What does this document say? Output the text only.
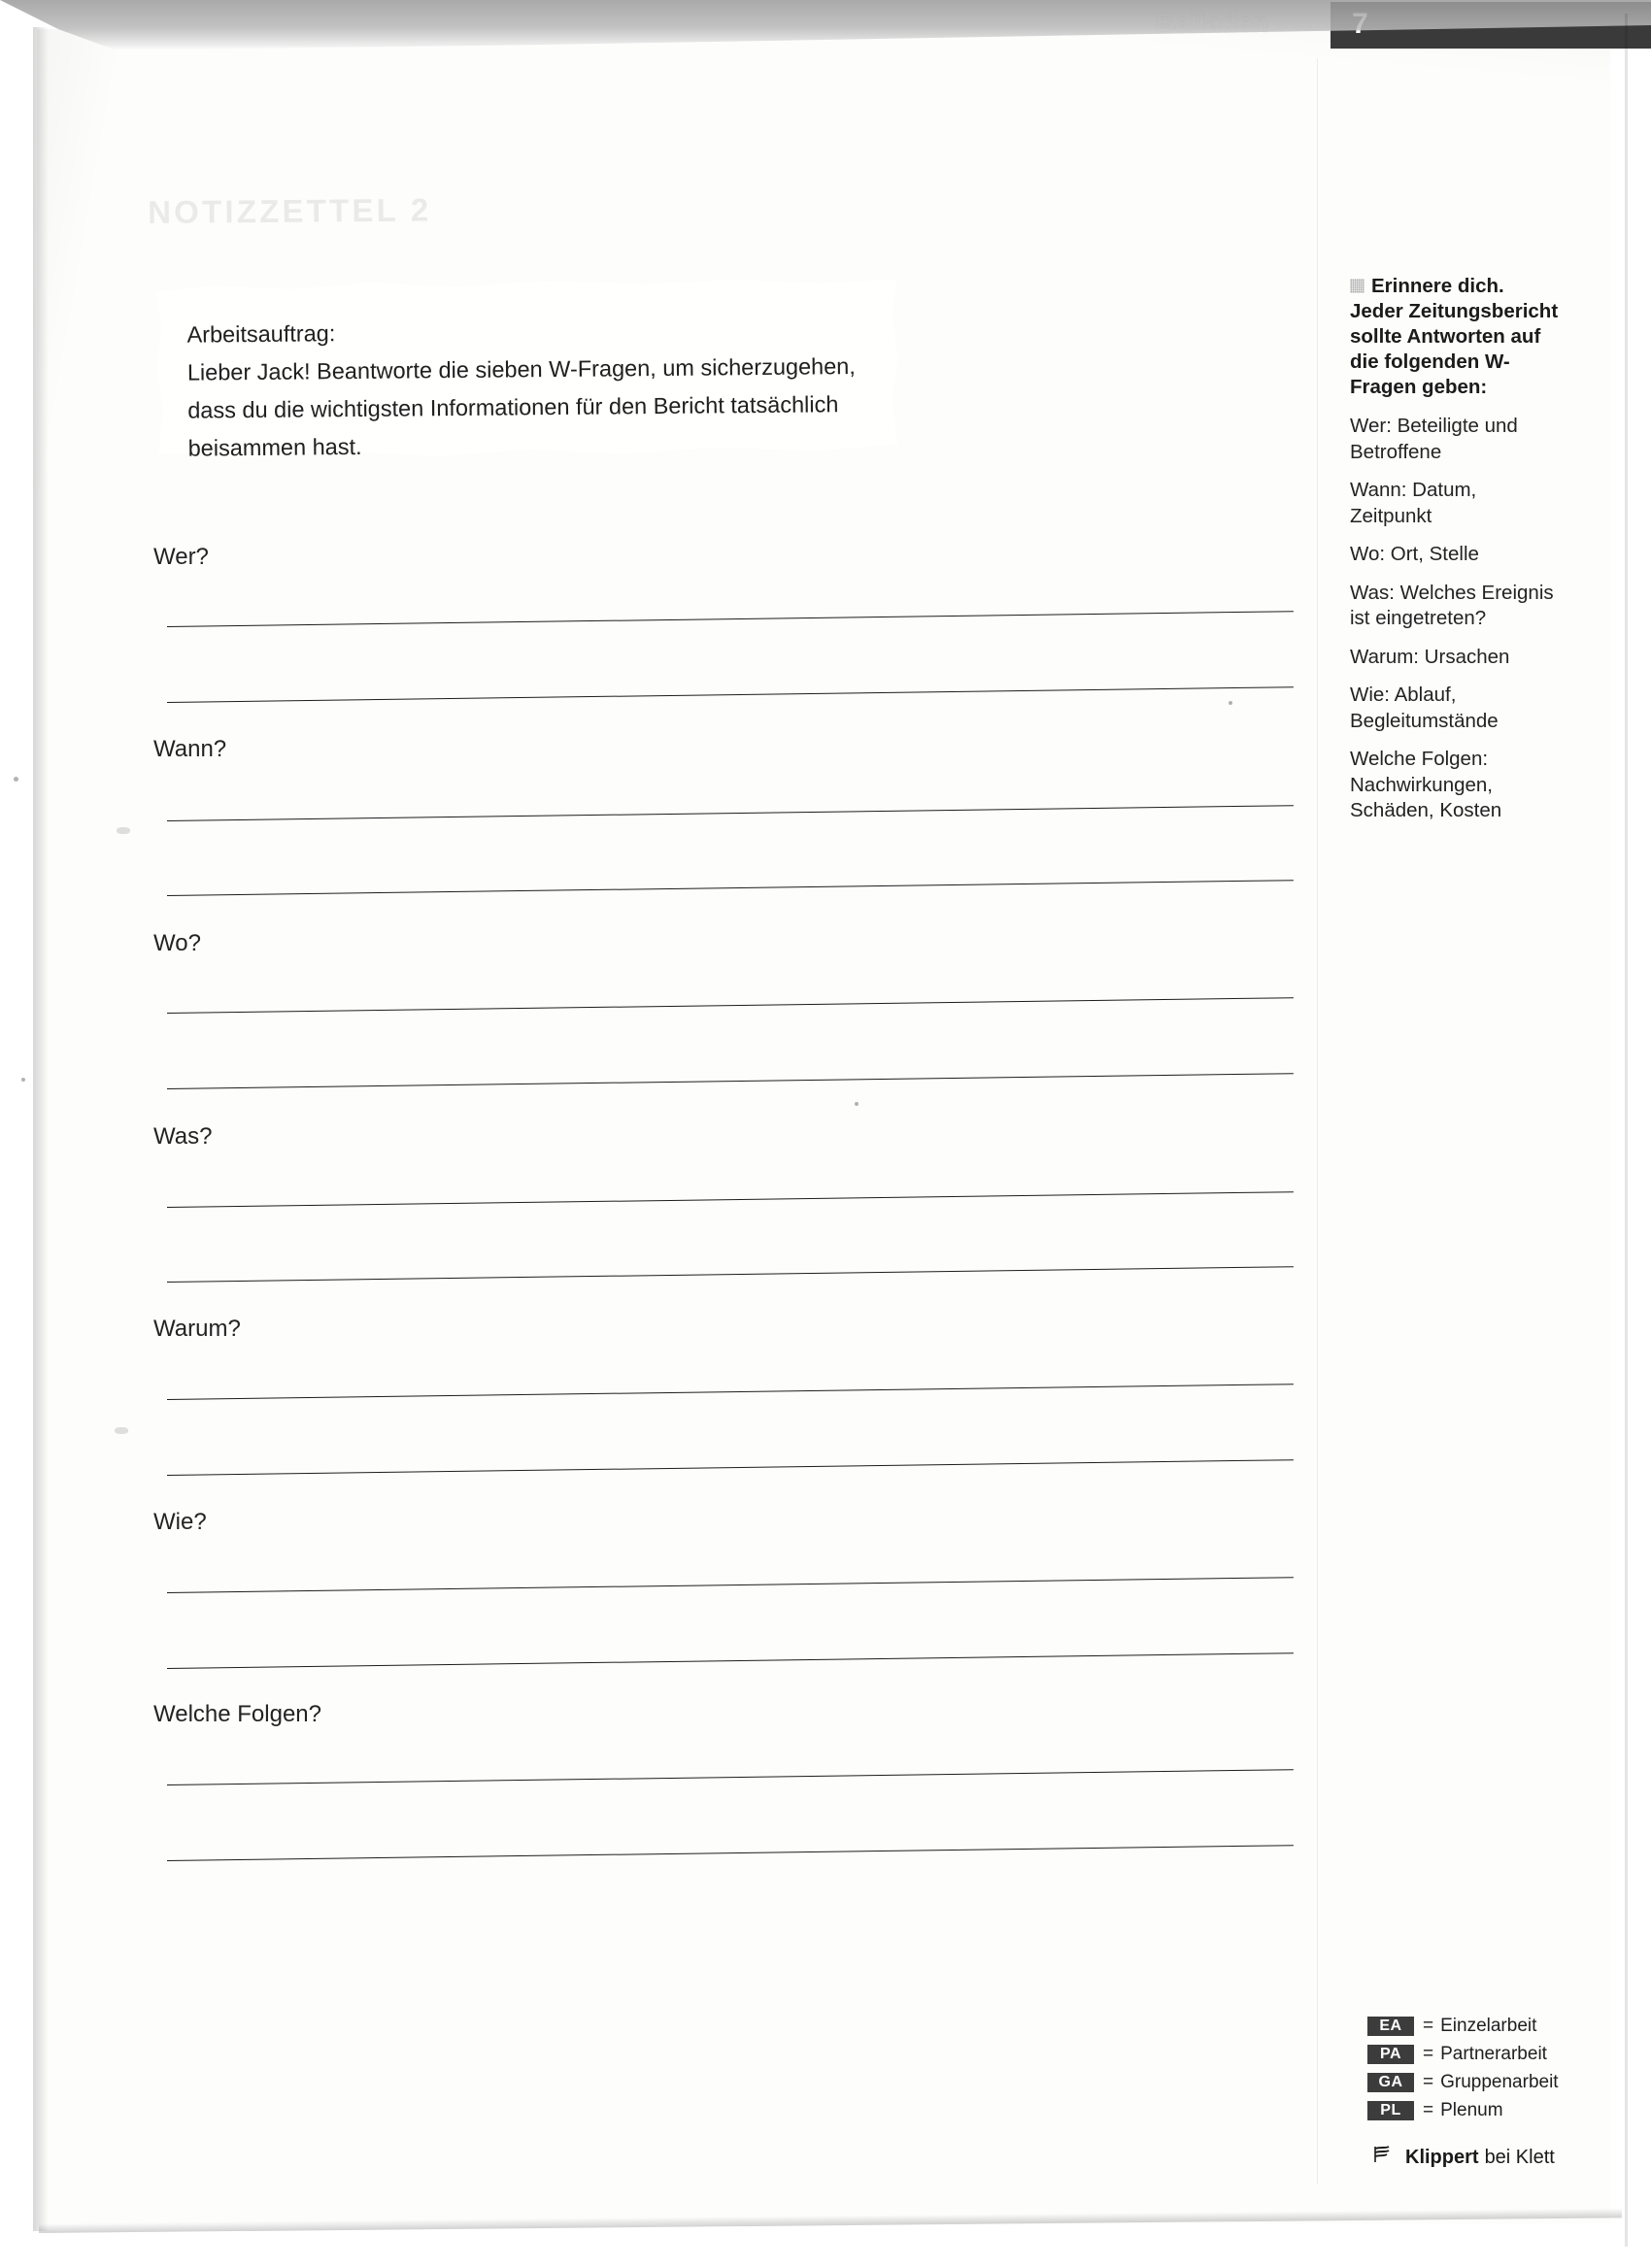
NOTIZZETTEL 2
Arbeitsauftrag:
Lieber Jack! Beantworte die sieben W-Fragen, um sicherzugehen, dass du die wichtigsten Informationen für den Bericht tatsächlich beisammen hast.
Wer?
Wann?
Wo?
Was?
Warum?
Wie?
Welche Folgen?

Erinnere dich. Jeder Zeitungsbericht sollte Antworten auf die folgenden W-Fragen geben:

Wer: Beteiligte und Betroffene

Wann: Datum, Zeitpunkt

Wo: Ort, Stelle

Was: Welches Ereignis ist eingetreten?

Warum: Ursachen

Wie: Ablauf, Begleitumstände

Welche Folgen: Nachwirkungen, Schäden, Kosten

EA	= Einzelarbeit
PA	= Partnerarbeit
GA	= Gruppenarbeit
PL	= Plenum
Klippert bei Klett
